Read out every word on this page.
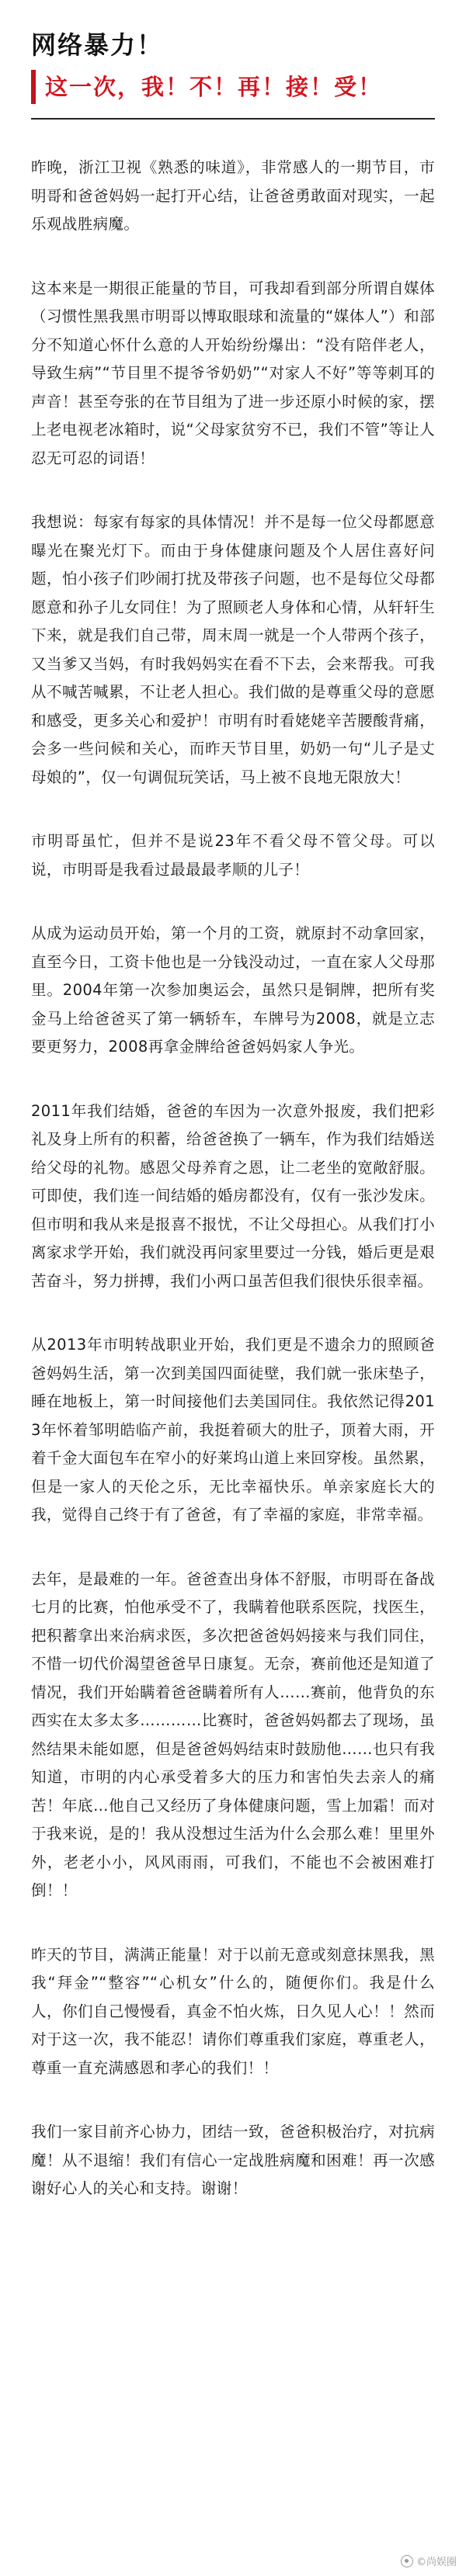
网络暴力！
这一次，我！不！再！接！受！

昨晚，浙江卫视《熟悉的味道》，非常感人的一期节目，市明哥和爸爸妈妈一起打开心结，让爸爸勇敢面对现实，一起乐观战胜病魔。

这本来是一期很正能量的节目，可我却看到部分所谓自媒体（习惯性黑我黑市明哥以博取眼球和流量的“媒体人”）和部分不知道心怀什么意的人开始纷纷爆出：“没有陪伴老人，导致生病”“节目里不提爷爷奶奶”“对家人不好”等等刺耳的声音！甚至夸张的在节目组为了进一步还原小时候的家，摆上老电视老冰箱时，说“父母家贫穷不已，我们不管”等让人忍无可忍的词语！

我想说：每家有每家的具体情况！并不是每一位父母都愿意曝光在聚光灯下。而由于身体健康问题及个人居住喜好问题，怕小孩子们吵闹打扰及带孩子问题，也不是每位父母都愿意和孙子儿女同住！为了照顾老人身体和心情，从轩轩生下来，就是我们自己带，周末周一就是一个人带两个孩子，又当爹又当妈，有时我妈妈实在看不下去，会来帮我。可我从不喊苦喊累，不让老人担心。我们做的是尊重父母的意愿和感受，更多关心和爱护！市明有时看姥姥辛苦腰酸背痛，会多一些问候和关心，而昨天节目里，奶奶一句“儿子是丈母娘的”，仅一句调侃玩笑话，马上被不良地无限放大！

市明哥虽忙，但并不是说23年不看父母不管父母。可以说，市明哥是我看过最最最孝顺的儿子！

从成为运动员开始，第一个月的工资，就原封不动拿回家，直至今日，工资卡他也是一分钱没动过，一直在家人父母那里。2004年第一次参加奥运会，虽然只是铜牌，把所有奖金马上给爸爸买了第一辆轿车，车牌号为2008，就是立志要更努力，2008再拿金牌给爸爸妈妈家人争光。

2011年我们结婚，爸爸的车因为一次意外报废，我们把彩礼及身上所有的积蓄，给爸爸换了一辆车，作为我们结婚送给父母的礼物。感恩父母养育之恩，让二老坐的宽敞舒服。可即使，我们连一间结婚的婚房都没有，仅有一张沙发床。但市明和我从来是报喜不报忧，不让父母担心。从我们打小离家求学开始，我们就没再问家里要过一分钱，婚后更是艰苦奋斗，努力拼搏，我们小两口虽苦但我们很快乐很幸福。

从2013年市明转战职业开始，我们更是不遗余力的照顾爸爸妈妈生活，第一次到美国四面徒壁，我们就一张床垫子，睡在地板上，第一时间接他们去美国同住。我依然记得2013年怀着邹明皓临产前，我挺着硕大的肚子，顶着大雨，开着千金大面包车在窄小的好莱坞山道上来回穿梭。虽然累，但是一家人的天伦之乐，无比幸福快乐。单亲家庭长大的我，觉得自己终于有了爸爸，有了幸福的家庭，非常幸福。

去年，是最难的一年。爸爸查出身体不舒服，市明哥在备战七月的比赛，怕他承受不了，我瞒着他联系医院，找医生，把积蓄拿出来治病求医，多次把爸爸妈妈接来与我们同住，不惜一切代价渴望爸爸早日康复。无奈，赛前他还是知道了情况，我们开始瞒着爸爸瞒着所有人……赛前，他背负的东西实在太多太多…………比赛时，爸爸妈妈都去了现场，虽然结果未能如愿，但是爸爸妈妈结束时鼓励他……也只有我知道，市明的内心承受着多大的压力和害怕失去亲人的痛苦！年底…他自己又经历了身体健康问题，雪上加霜！而对于我来说，是的！我从没想过生活为什么会那么难！里里外外，老老小小，风风雨雨，可我们，不能也不会被困难打倒！！

昨天的节目，满满正能量！对于以前无意或刻意抹黑我，黑我“拜金”“整容”“心机女”什么的，随便你们。我是什么人，你们自己慢慢看，真金不怕火炼，日久见人心！！然而对于这一次，我不能忍！请你们尊重我们家庭，尊重老人，尊重一直充满感恩和孝心的我们！！

我们一家目前齐心协力，团结一致，爸爸积极治疗，对抗病魔！从不退缩！我们有信心一定战胜病魔和困难！再一次感谢好心人的关心和支持。谢谢！

©尚娱圈
